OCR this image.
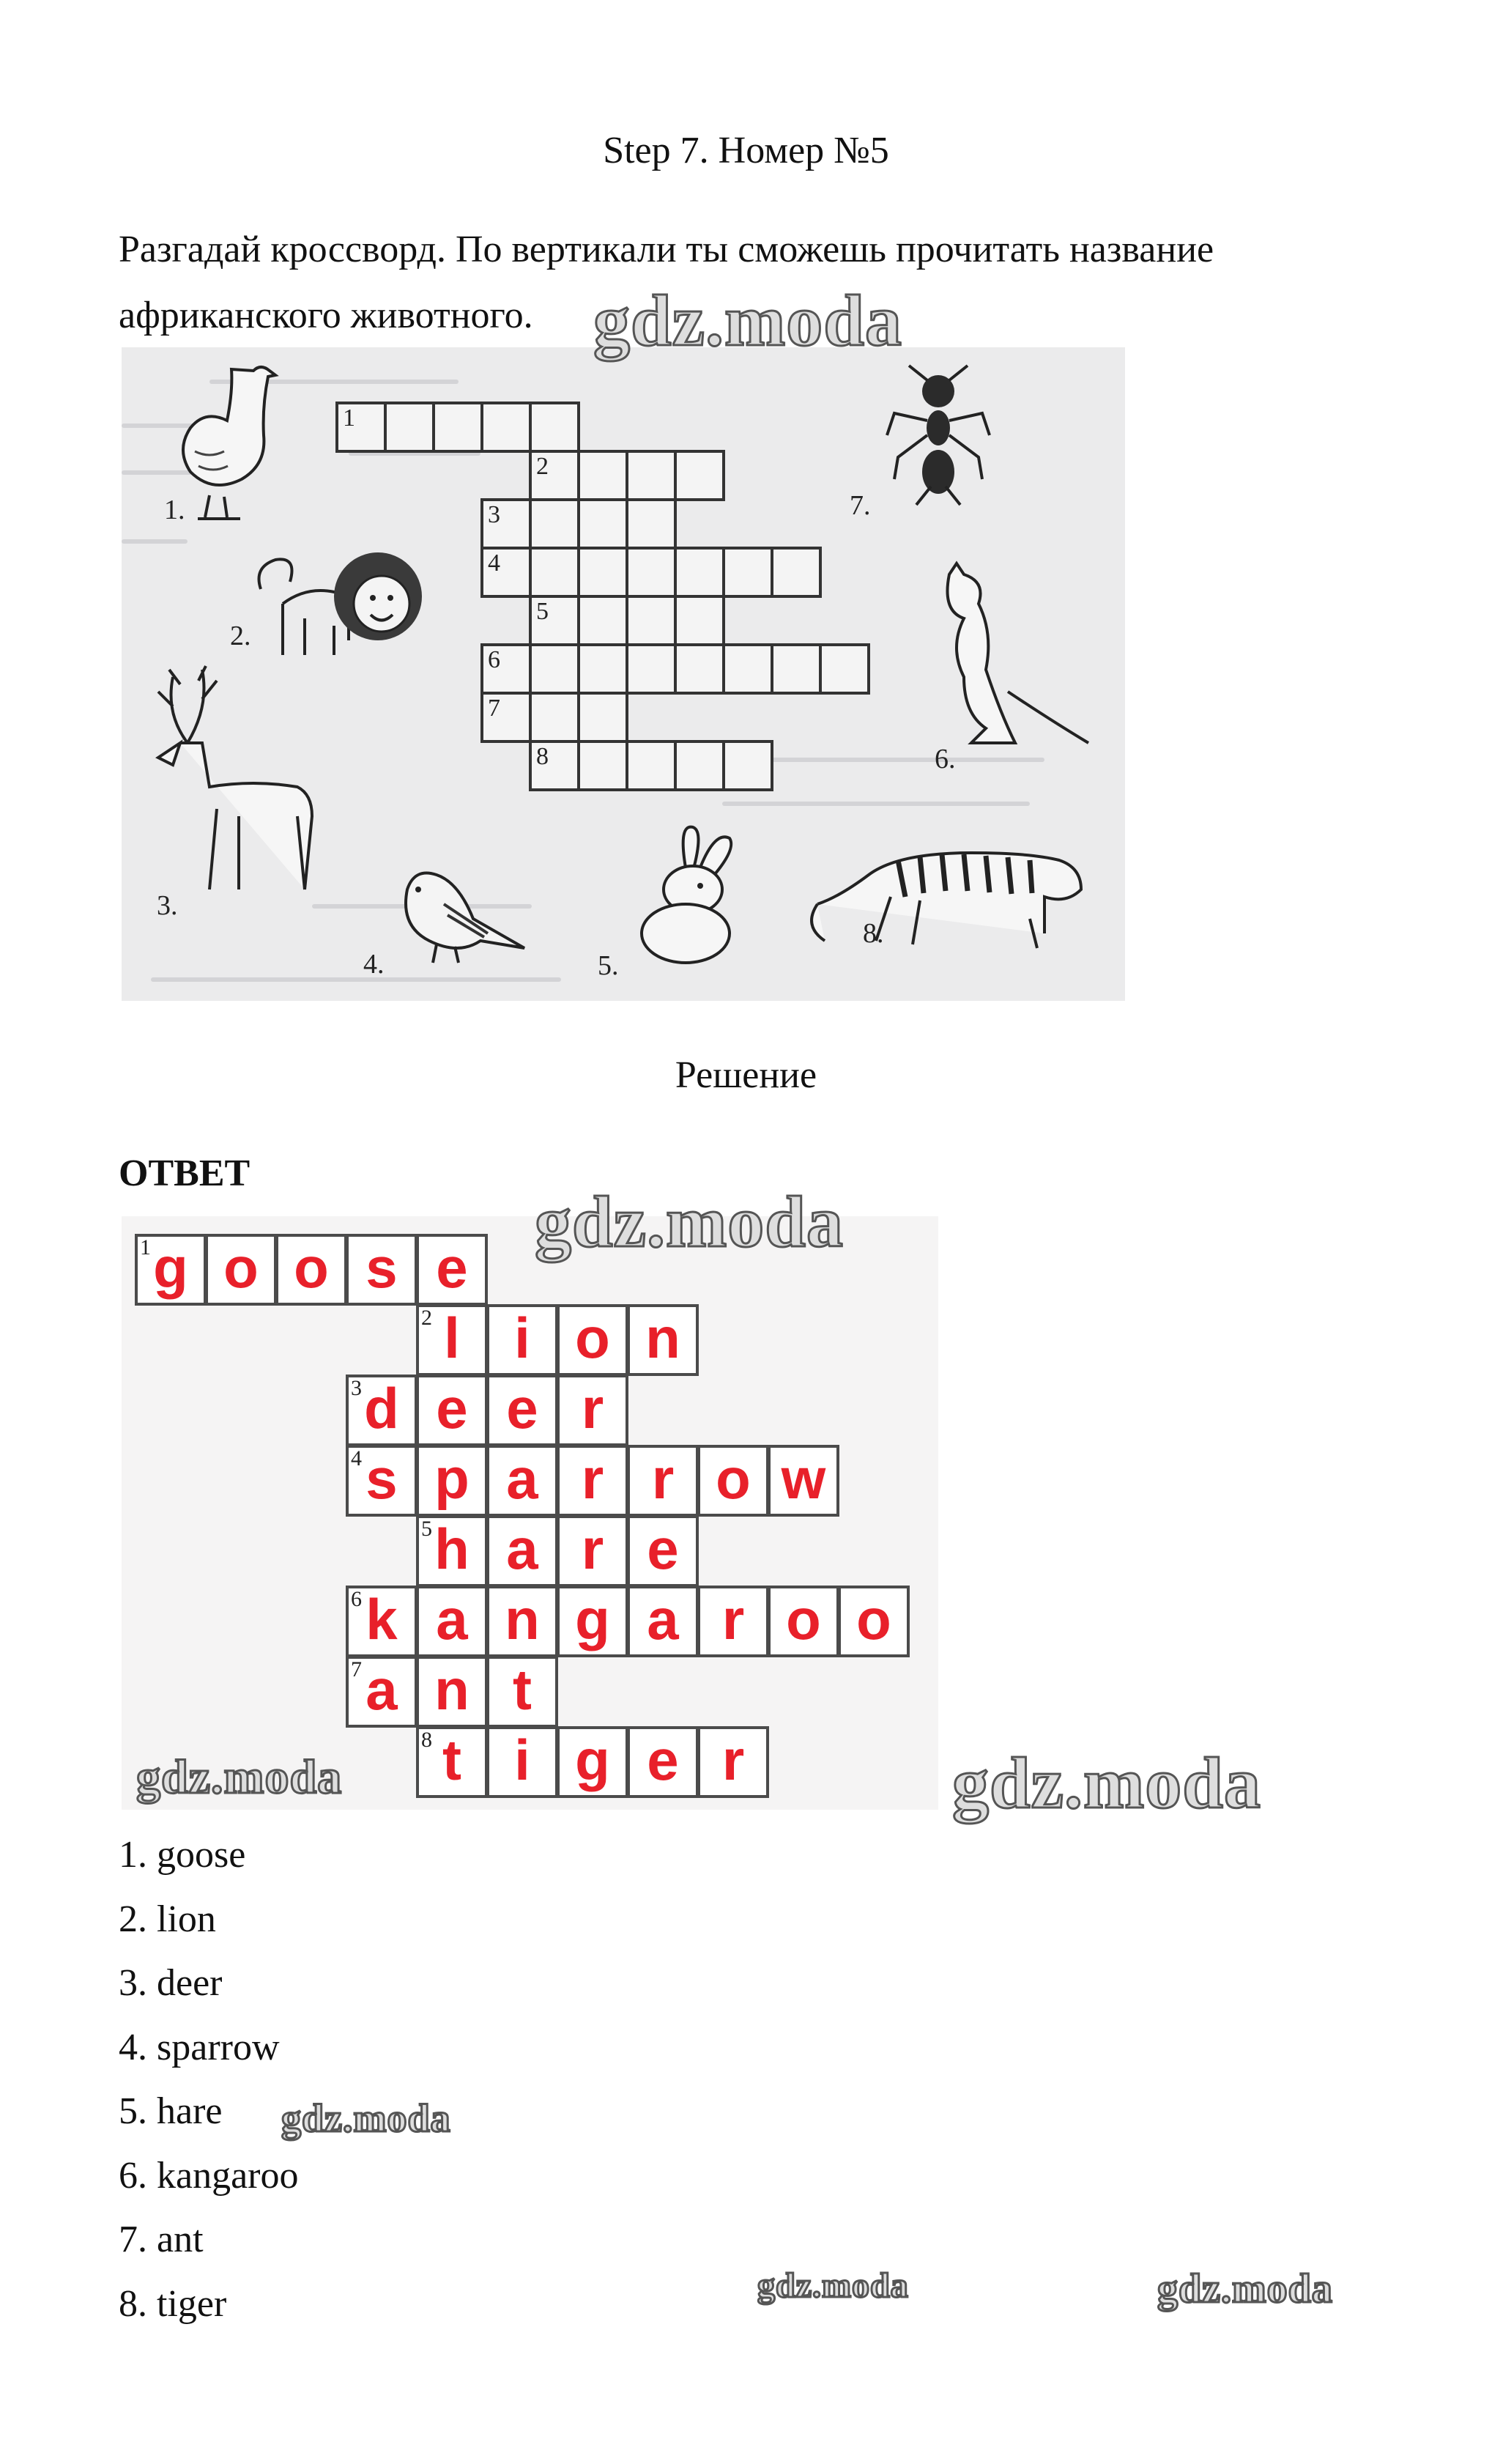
Step 7. Номер №5
Разгадай кроссворд. По вертикали ты сможешь прочитать название африканского животного.
1
2
3
4
5
6
7
8
1.
2.
3.
4.	5.
7.
6.
8.
Решение
ОТВЕТ
1 g o o s e
2 l i o n
3 d e e r
4 s p a r r o w
5 h a r e
6 k a n g a r o o
7 a n t
8 t i g e r
1. goose
2. lion
3. deer
4. sparrow
5. hare
6. kangaroo
7. ant
8. tiger
gdz.moda
gdz.moda
gdz.moda	gdz.moda
gdz.moda
gdz.moda	gdz.moda
